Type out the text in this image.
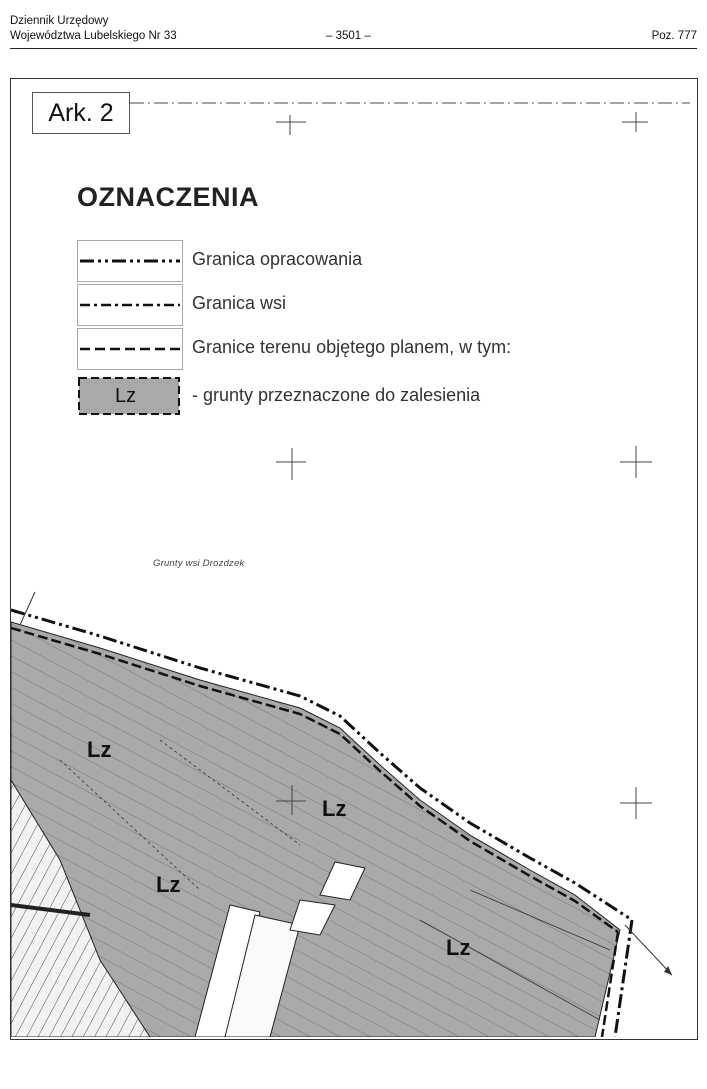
Dziennik Urzędowy
Województwa Lubelskiego Nr 33	– 3501 –	Poz. 777
Ark. 2
OZNACZENIA
Granica opracowania
Granica wsi
Granice terenu objętego planem, w tym:
Lz	- grunty przeznaczone do zalesienia
Grunty wsi Drozdzek
Lz
Lz
Lz
Lz
